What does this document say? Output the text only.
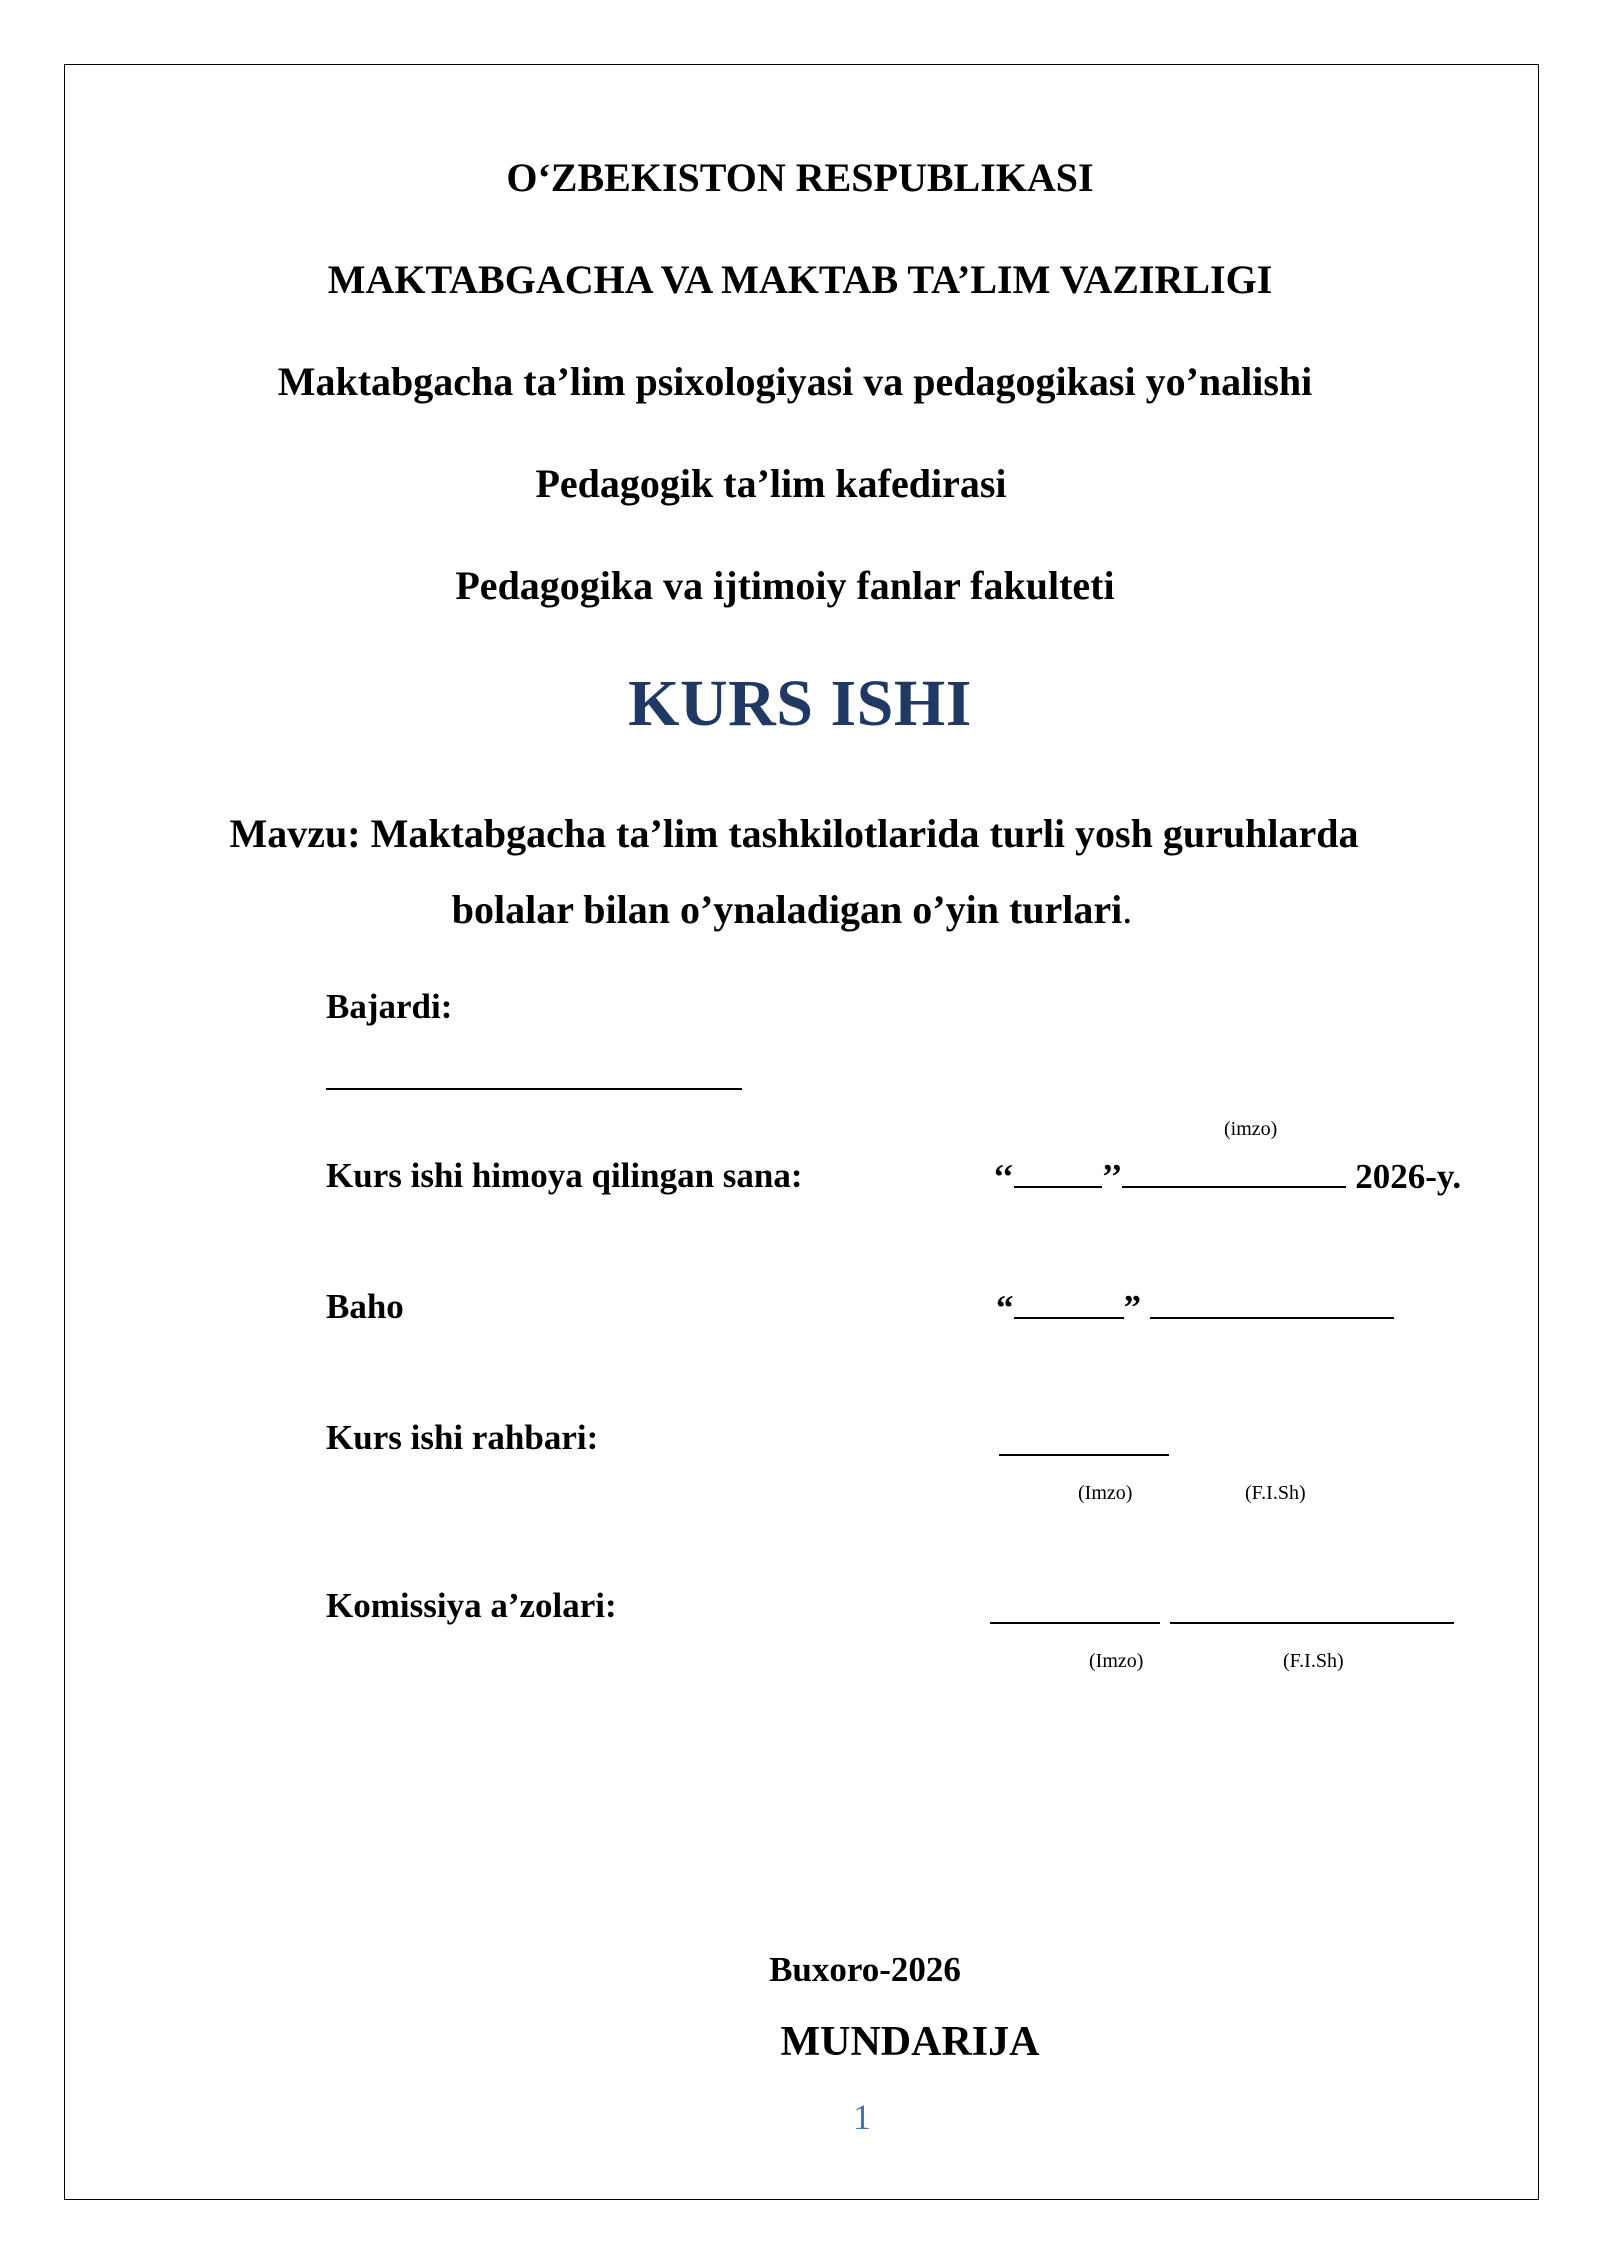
O‘ZBEKISTON RESPUBLIKASI
MAKTABGACHA VA MAKTAB TA’LIM VAZIRLIGI
Maktabgacha ta’lim psixologiyasi va pedagogikasi yo’nalishi
Pedagogik ta’lim kafedirasi
Pedagogika va ijtimoiy fanlar fakulteti
KURS ISHI
Mavzu: Maktabgacha ta’lim tashkilotlarida turli yosh guruhlarda
bolalar bilan o’ynaladigan o’yin turlari.
Bajardi:
(imzo)
Kurs ishi himoya qilingan sana:	‘‘	’’	2026-y.
Baho	“	”
Kurs ishi rahbari:
(Imzo)	(F.I.Sh)
Komissiya a’zolari:
(Imzo)	(F.I.Sh)
Buxoro-2026
MUNDARIJA
1
